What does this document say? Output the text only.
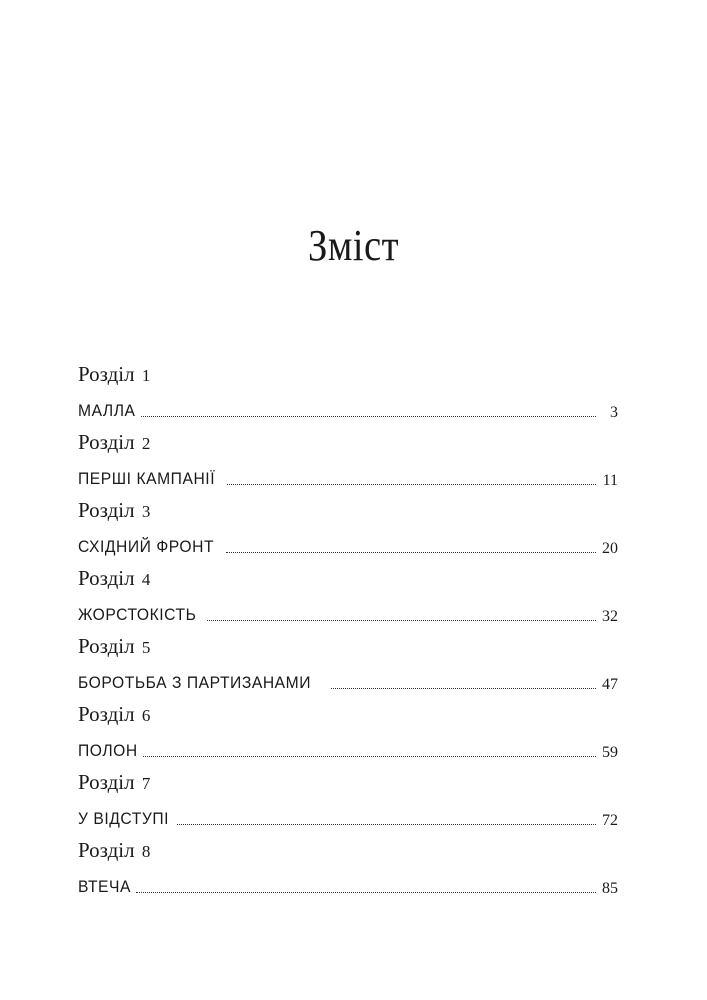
Зміст
Розділ 1
МАЛЛА	3
Розділ 2
ПЕРШІ КАМПАНІЇ	11
Розділ 3
СХІДНИЙ ФРОНТ	20
Розділ 4
ЖОРСТОКІСТЬ	32
Розділ 5
БОРОТЬБА З ПАРТИЗАНАМИ	47
Розділ 6
ПОЛОН	59
Розділ 7
У ВІДСТУПІ	72
Розділ 8
ВТЕЧА	85
